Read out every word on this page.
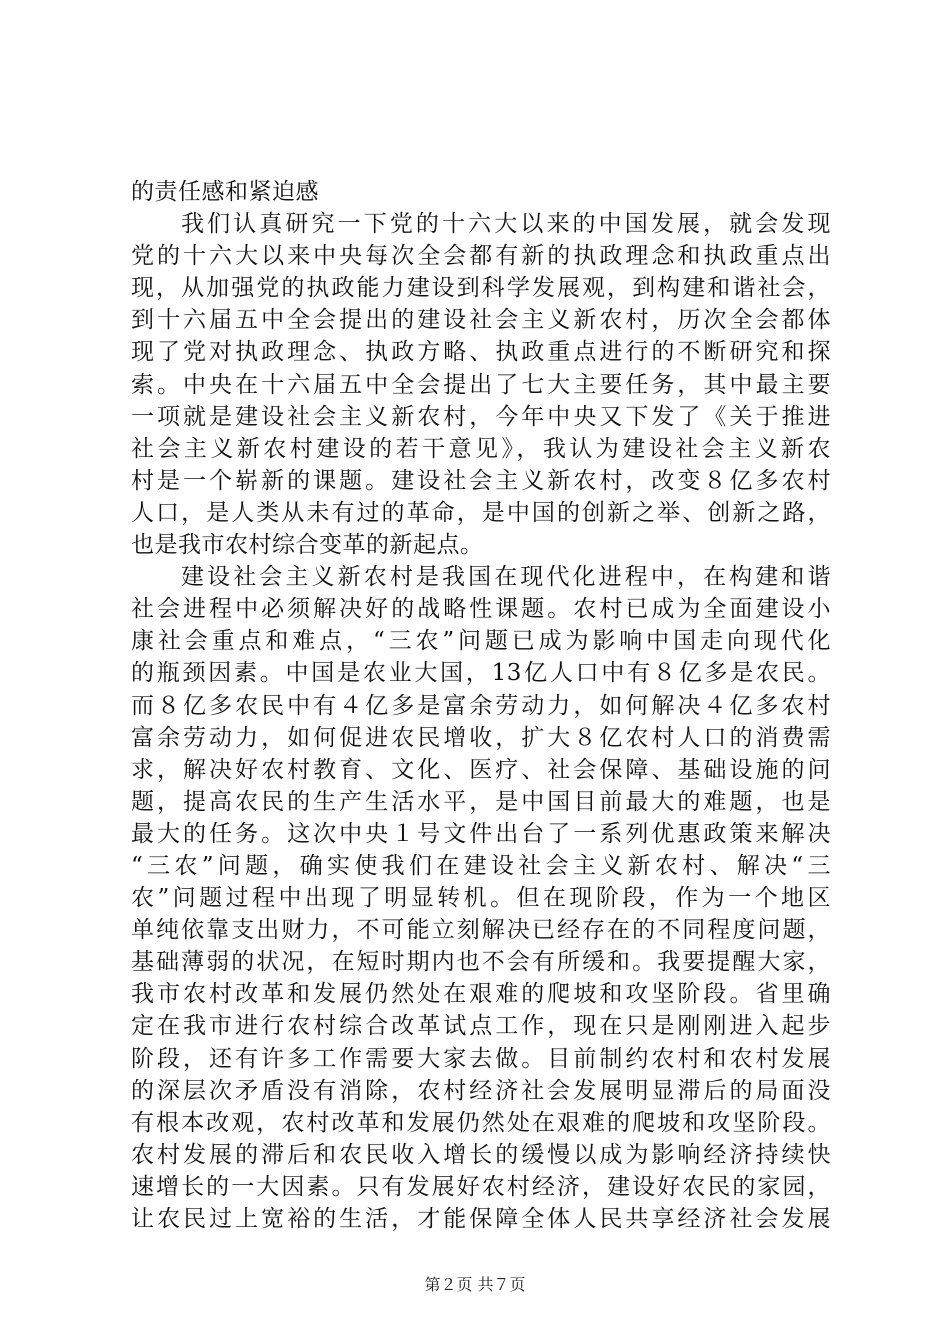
的责任感和紧迫感
我们认真研究一下党的十六大以来的中国发展，就会发现
党的十六大以来中央每次全会都有新的执政理念和执政重点出
现，从加强党的执政能力建设到科学发展观，到构建和谐社会，
到十六届五中全会提出的建设社会主义新农村，历次全会都体
现了党对执政理念、执政方略、执政重点进行的不断研究和探
索。中央在十六届五中全会提出了七大主要任务，其中最主要
一项就是建设社会主义新农村，今年中央又下发了《关于推进
社会主义新农村建设的若干意见》，我认为建设社会主义新农
村是一个崭新的课题。建设社会主义新农村，改变８亿多农村
人口，是人类从未有过的革命，是中国的创新之举、创新之路，
也是我市农村综合变革的新起点。
建设社会主义新农村是我国在现代化进程中，在构建和谐
社会进程中必须解决好的战略性课题。农村已成为全面建设小
康社会重点和难点，“三农”问题已成为影响中国走向现代化
的瓶颈因素。中国是农业大国，13亿人口中有８亿多是农民。
而８亿多农民中有４亿多是富余劳动力，如何解决４亿多农村
富余劳动力，如何促进农民增收，扩大８亿农村人口的消费需
求，解决好农村教育、文化、医疗、社会保障、基础设施的问
题，提高农民的生产生活水平，是中国目前最大的难题，也是
最大的任务。这次中央１号文件出台了一系列优惠政策来解决
“三农”问题，确实使我们在建设社会主义新农村、解决“三
农”问题过程中出现了明显转机。但在现阶段，作为一个地区
单纯依靠支出财力，不可能立刻解决已经存在的不同程度问题，
基础薄弱的状况，在短时期内也不会有所缓和。我要提醒大家，
我市农村改革和发展仍然处在艰难的爬坡和攻坚阶段。省里确
定在我市进行农村综合改革试点工作，现在只是刚刚进入起步
阶段，还有许多工作需要大家去做。目前制约农村和农村发展
的深层次矛盾没有消除，农村经济社会发展明显滞后的局面没
有根本改观，农村改革和发展仍然处在艰难的爬坡和攻坚阶段。
农村发展的滞后和农民收入增长的缓慢以成为影响经济持续快
速增长的一大因素。只有发展好农村经济，建设好农民的家园，
让农民过上宽裕的生活，才能保障全体人民共享经济社会发展
第２页 共７页
